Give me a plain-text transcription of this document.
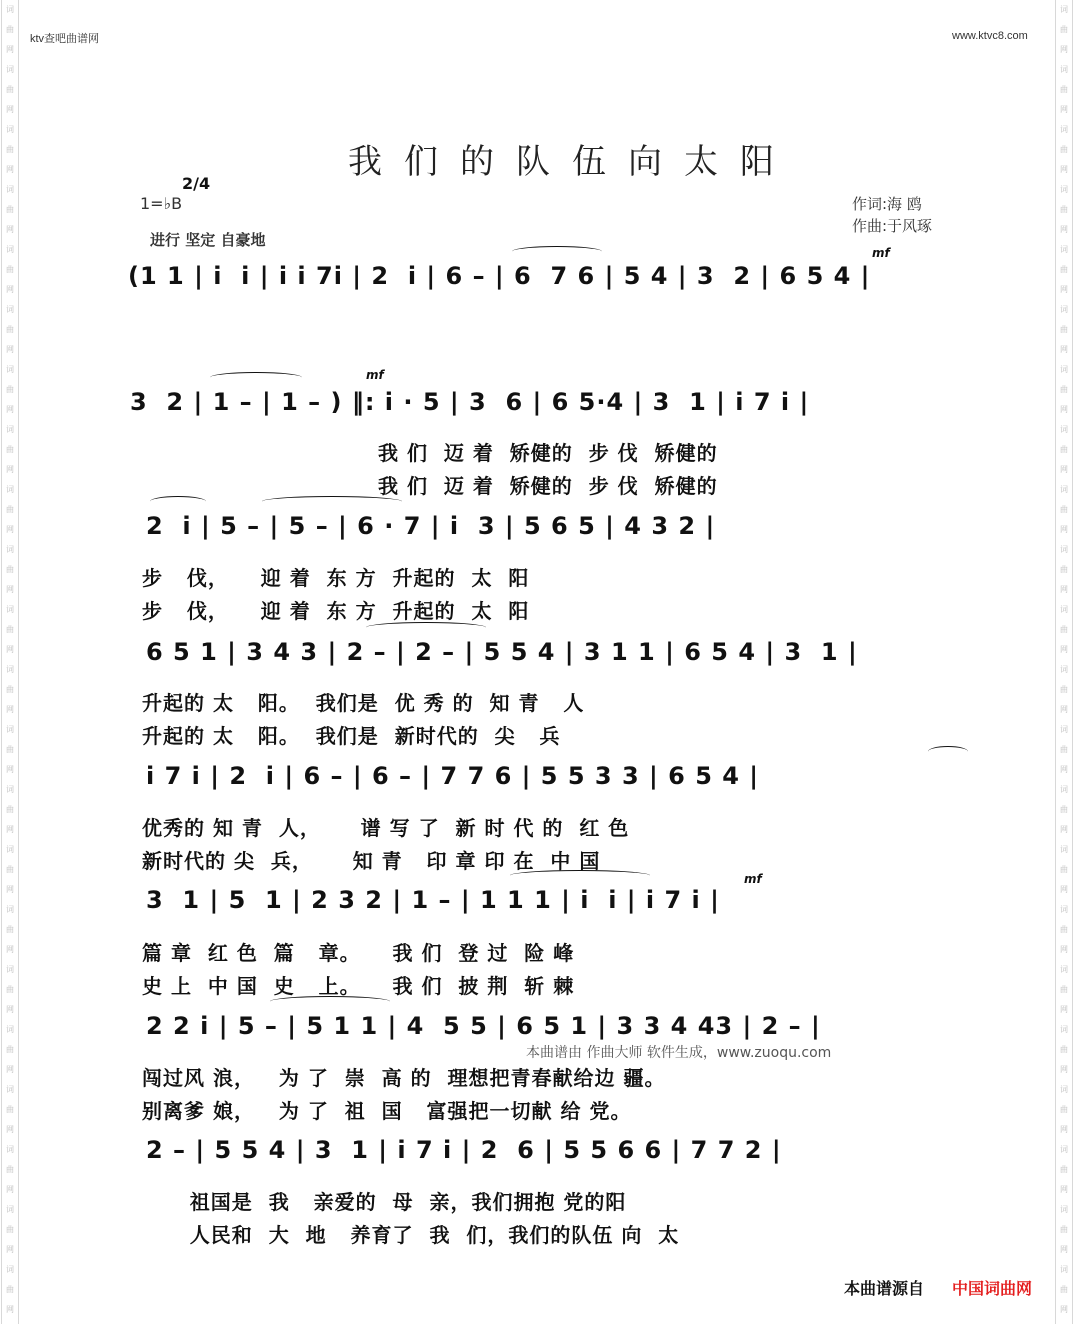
词
曲
网
词
曲
网
词
曲
网
词
曲
网
词
曲
网
词
曲
网
词
曲
网
词
曲
网
词
曲
网
词
曲
网
词
曲
网
词
曲
网
词
曲
网
词
曲
网
词
曲
网
词
曲
网
词
曲
网
词
曲
网
词
曲
网
词
曲
网
词
曲
网
词
曲
网
词
曲
网
词
曲
网
词
曲
网
词
曲
网
词
曲
网
词
曲
网
词
曲
网
词
曲
网
词
曲
网
词
曲
网
词
曲
网
词
曲
网
词
曲
网
词
曲
网
词
曲
网
词
曲
网
词
曲
网
词
曲
网
词
曲
网
词
曲
网
词
曲
网
词
曲
网
ktv查吧曲谱网	www.ktvc8.com
我们的队伍向太阳
1=♭B
2/4
进行 坚定 自豪地
作词:海 鸥
作曲:于风琢
mf
(1 1 | i  i | i i 7i | 2  i | 6 – | 6  7 6 | 5 4 | 3  2 | 6 5 4 |
mf
3  2 | 1 – | 1 – ) ‖: i · 5 | 3  6 | 6 5·4 | 3  1 | i 7 i |
我 们  迈 着  矫健的  步 伐  矫健的
我 们  迈 着  矫健的  步 伐  矫健的
2  i | 5 – | 5 – | 6 · 7 | i  3 | 5 6 5 | 4 3 2 |
步   伐，    迎 着  东 方  升起的  太  阳
步   伐，    迎 着  东 方  升起的  太  阳
6 5 1 | 3 4 3 | 2 – | 2 – | 5 5 4 | 3 1 1 | 6 5 4 | 3  1 |
升起的 太   阳。  我们是  优 秀 的  知 青   人
升起的 太   阳。  我们是  新时代的  尖   兵
i 7 i | 2  i | 6 – | 6 – | 7 7 6 | 5 5 3 3 | 6 5 4 |
优秀的 知 青  人，     谱 写 了  新 时 代 的  红 色
新时代的 尖  兵，     知 青   印 章 印 在  中 国
mf
3  1 | 5  1 | 2 3 2 | 1 – | 1 1 1 | i  i | i 7 i |
篇 章  红 色  篇   章。    我 们  登 过  险 峰
史 上  中 国  史   上。    我 们  披 荆  斩 棘
2 2 i | 5 – | 5 1 1 | 4  5 5 | 6 5 1 | 3 3 4 43 | 2 – |
本曲谱由 作曲大师 软件生成，www.zuoqu.com
闯过风 浪，   为 了  崇  高 的  理想把青春献给边 疆。
别离爹 娘，   为 了  祖  国   富强把一切献 给 党。
2 – | 5 5 4 | 3  1 | i 7 i | 2  6 | 5 5 6 6 | 7 7 2 |
祖国是  我   亲爱的  母  亲，我们拥抱 党的阳
人民和  大  地   养育了  我  们，我们的队伍 向  太
本曲谱源自 中国词曲网
